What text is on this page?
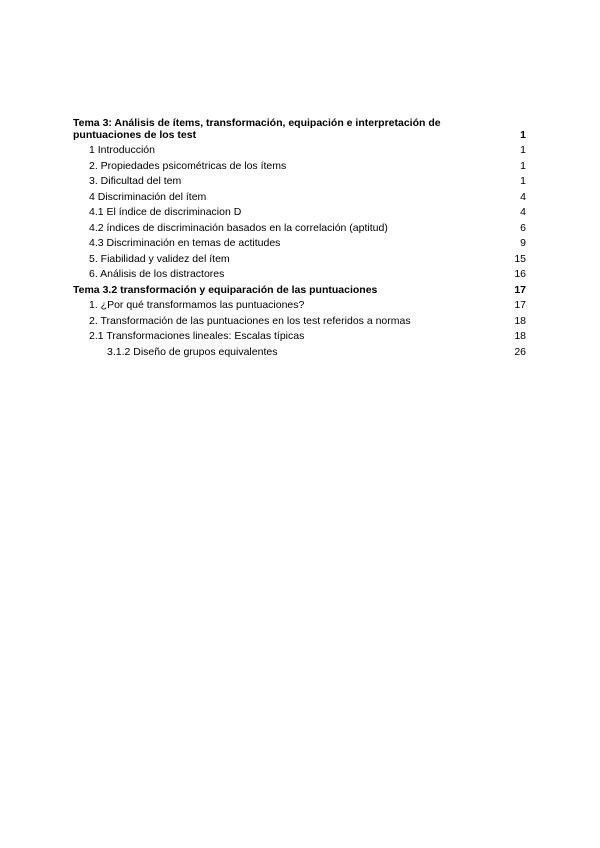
Tema 3: Análisis de ítems, transformación, equipación e interpretación de puntuaciones de los test	1
1 Introducción	1
2. Propiedades psicométricas de los ítems	1
3. Dificultad del tem	1
4 Discriminación del ítem	4
4.1 El índice de discriminacion D	4
4.2 índices de discriminación basados en la correlación (aptitud)	6
4.3 Discriminación en temas de actitudes	9
5. Fiabilidad y validez del ítem	15
6. Análisis de los distractores	16
Tema 3.2 transformación y equiparación de las puntuaciones	17
1. ¿Por qué transformamos las puntuaciones?	17
2. Transformación de las puntuaciones en los test referidos a normas	18
2.1 Transformaciones lineales: Escalas típicas	18
3.1.2 Diseño de grupos equivalentes	26
